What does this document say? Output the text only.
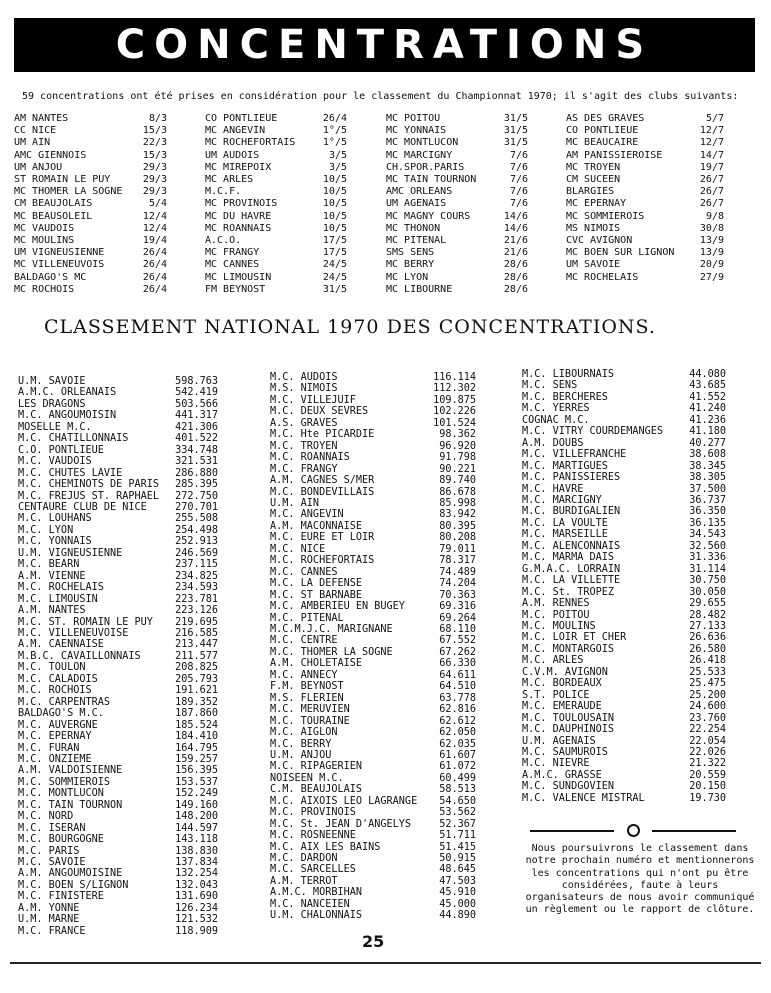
CONCENTRATIONS
59 concentrations ont été prises en considération pour le classement du Championnat 1970; il s'agit des clubs suivants:
AM NANTES	8/3
CC NICE	15/3
UM AIN	22/3
AMC GIENNOIS	15/3
UM ANJOU	29/3
ST ROMAIN LE PUY	29/3
MC THOMER LA SOGNE	29/3
CM BEAUJOLAIS	5/4
MC BEAUSOLEIL	12/4
MC VAUDOIS	12/4
MC MOULINS	19/4
UM VIGNEUSIENNE	26/4
MC VILLENEUVOIS	26/4
BALDAGO'S MC	26/4
MC ROCHOIS	26/4
CO PONTLIEUE	26/4
MC ANGEVIN	1°/5
MC ROCHEFORTAIS	1°/5
UM AUDOIS	3/5
MC MIREPOIX	3/5
MC ARLES	10/5
M.C.F.	10/5
MC PROVINOIS	10/5
MC DU HAVRE	10/5
MC ROANNAIS	10/5
A.C.O.	17/5
MC FRANGY	17/5
MC CANNES	24/5
MC LIMOUSIN	24/5
FM BEYNOST	31/5
MC POITOU	31/5
MC YONNAIS	31/5
MC MONTLUCON	31/5
MC MARCIGNY	7/6
CH.SPOR.PARIS	7/6
MC TAIN TOURNON	7/6
AMC ORLEANS	7/6
UM AGENAIS	7/6
MC MAGNY COURS	14/6
MC THONON	14/6
MC PITENAL	21/6
SMS SENS	21/6
MC BERRY	28/6
MC LYON	28/6
MC LIBOURNE	28/6
AS DES GRAVES	5/7
CO PONTLIEUE	12/7
MC BEAUCAIRE	12/7
AM PANISSIEROISE	14/7
MC TROYEN	19/7
CM SUCEEN	26/7
BLARGIES	26/7
MC EPERNAY	26/7
MC SOMMIEROIS	9/8
MS NIMOIS	30/8
CVC AVIGNON	13/9
MC BOEN SUR LIGNON	13/9
UM SAVOIE	20/9
MC ROCHELAIS	27/9
CLASSEMENT NATIONAL 1970 DES CONCENTRATIONS.
U.M. SAVOIE	598.763
A.M.C. ORLEANAIS	542.419
LES DRAGONS	503.566
M.C. ANGOUMOISIN	441.317
MOSELLE M.C.	421.306
M.C. CHATILLONNAIS	401.522
C.O. PONTLIEUE	334.748
M.C. VAUDOIS	321.531
M.C. CHUTES LAVIE	286.880
M.C. CHEMINOTS DE PARIS	285.395
M.C. FREJUS ST. RAPHAEL	272.750
CENTAURE CLUB DE NICE	270.701
M.C. LOUHANS	255.508
M.C. LYON	254.498
M.C. YONNAIS	252.913
U.M. VIGNEUSIENNE	246.569
M.C. BEARN	237.115
A.M. VIENNE	234.825
M.C. ROCHELAIS	234.593
M.C. LIMOUSIN	223.781
A.M. NANTES	223.126
M.C. ST. ROMAIN LE PUY	219.695
M.C. VILLENEUVOISE	216.585
A.M. CAENNAISE	213.447
M.B.C. CAVAILLONNAIS	211.577
M.C. TOULON	208.825
M.C. CALADOIS	205.793
M.C. ROCHOIS	191.621
M.C. CARPENTRAS	189.352
BALDAGO'S M.C.	187.860
M.C. AUVERGNE	185.524
M.C. EPERNAY	184.410
M.C. FURAN	164.795
M.C. ONZIEME	159.257
A.M. VALDOISIENNE	156.395
M.C. SOMMIEROIS	153.537
M.C. MONTLUCON	152.249
M.C. TAIN TOURNON	149.160
M.C. NORD	148.200
M.C. ISERAN	144.597
M.C. BOURGOGNE	143.118
M.C. PARIS	138.830
M.C. SAVOIE	137.834
A.M. ANGOUMOISINE	132.254
M.C. BOEN S/LIGNON	132.043
M.C. FINISTERE	131.690
A.M. YONNE	126.234
U.M. MARNE	121.532
M.C. FRANCE	118.909
M.C. AUDOIS	116.114
M.S. NIMOIS	112.302
M.C. VILLEJUIF	109.875
M.C. DEUX SEVRES	102.226
A.S. GRAVES	101.524
M.C. Hte PICARDIE	98.362
M.C. TROYEN	96.920
M.C. ROANNAIS	91.798
M.C. FRANGY	90.221
A.M. CAGNES S/MER	89.740
M.C. BONDEVILLAIS	86.678
U.M. AIN	85.998
M.C. ANGEVIN	83.942
A.M. MACONNAISE	80.395
M.C. EURE ET LOIR	80.208
M.C. NICE	79.011
M.C. ROCHEFORTAIS	78.317
M.C. CANNES	74.489
M.C. LA DEFENSE	74.204
M.C. ST BARNABE	70.363
M.C. AMBERIEU EN BUGEY	69.316
M.C. PITENAL	69.264
M.C.M.J.C. MARIGNANE	68.110
M.C. CENTRE	67.552
M.C. THOMER LA SOGNE	67.262
A.M. CHOLETAISE	66.330
M.C. ANNECY	64.611
F.M. BEYNOST	64.510
M.S. FLERIEN	63.778
M.C. MERUVIEN	62.816
M.C. TOURAINE	62.612
M.C. AIGLON	62.050
M.C. BERRY	62.035
U.M. ANJOU	61.607
M.C. RIPAGERIEN	61.072
NOISEEN M.C.	60.499
C.M. BEAUJOLAIS	58.513
M.C. AIXOIS LEO LAGRANGE	54.650
M.C. PROVINOIS	53.562
M.C. St. JEAN D'ANGELYS	52.367
M.C. ROSNEENNE	51.711
M.C. AIX LES BAINS	51.415
M.C. DARDON	50.915
M.C. SARCELLES	48.645
A.M. TERROT	47.503
A.M.C. MORBIHAN	45.910
M.C. NANCEIEN	45.000
U.M. CHALONNAIS	44.890
M.C. LIBOURNAIS	44.080
M.C. SENS	43.685
M.C. BERCHERES	41.552
M.C. YERRES	41.240
COGNAC M.C.	41.236
M.C. VITRY COURDEMANGES	41.180
A.M. DOUBS	40.277
M.C. VILLEFRANCHE	38.608
M.C. MARTIGUES	38.345
M.C. PANISSIERES	38.305
M.C. HAVRE	37.500
M.C. MARCIGNY	36.737
M.C. BURDIGALIEN	36.350
M.C. LA VOULTE	36.135
M.C. MARSEILLE	34.543
M.C. ALENCONNAIS	32.560
M.C. MARMA DAIS	31.336
G.M.A.C. LORRAIN	31.114
M.C. LA VILLETTE	30.750
M.C. St. TROPEZ	30.050
A.M. RENNES	29.655
M.C. POITOU	28.482
M.C. MOULINS	27.133
M.C. LOIR ET CHER	26.636
M.C. MONTARGOIS	26.580
M.C. ARLES	26.418
C.V.M. AVIGNON	25.533
M.C. BORDEAUX	25.475
S.T. POLICE	25.200
M.C. EMERAUDE	24.600
M.C. TOULOUSAIN	23.760
M.C. DAUPHINOIS	22.254
U.M. AGENAIS	22.054
M.C. SAUMUROIS	22.026
M.C. NIEVRE	21.322
A.M.C. GRASSE	20.559
M.C. SUNDGOVIEN	20.150
M.C. VALENCE MISTRAL	19.730
Nous poursuivrons le classement dans notre prochain numéro et mentionnerons les concentrations qui n'ont pu être considérées, faute à leurs organisateurs de nous avoir communiqué un règlement ou le rapport de clôture.
25
